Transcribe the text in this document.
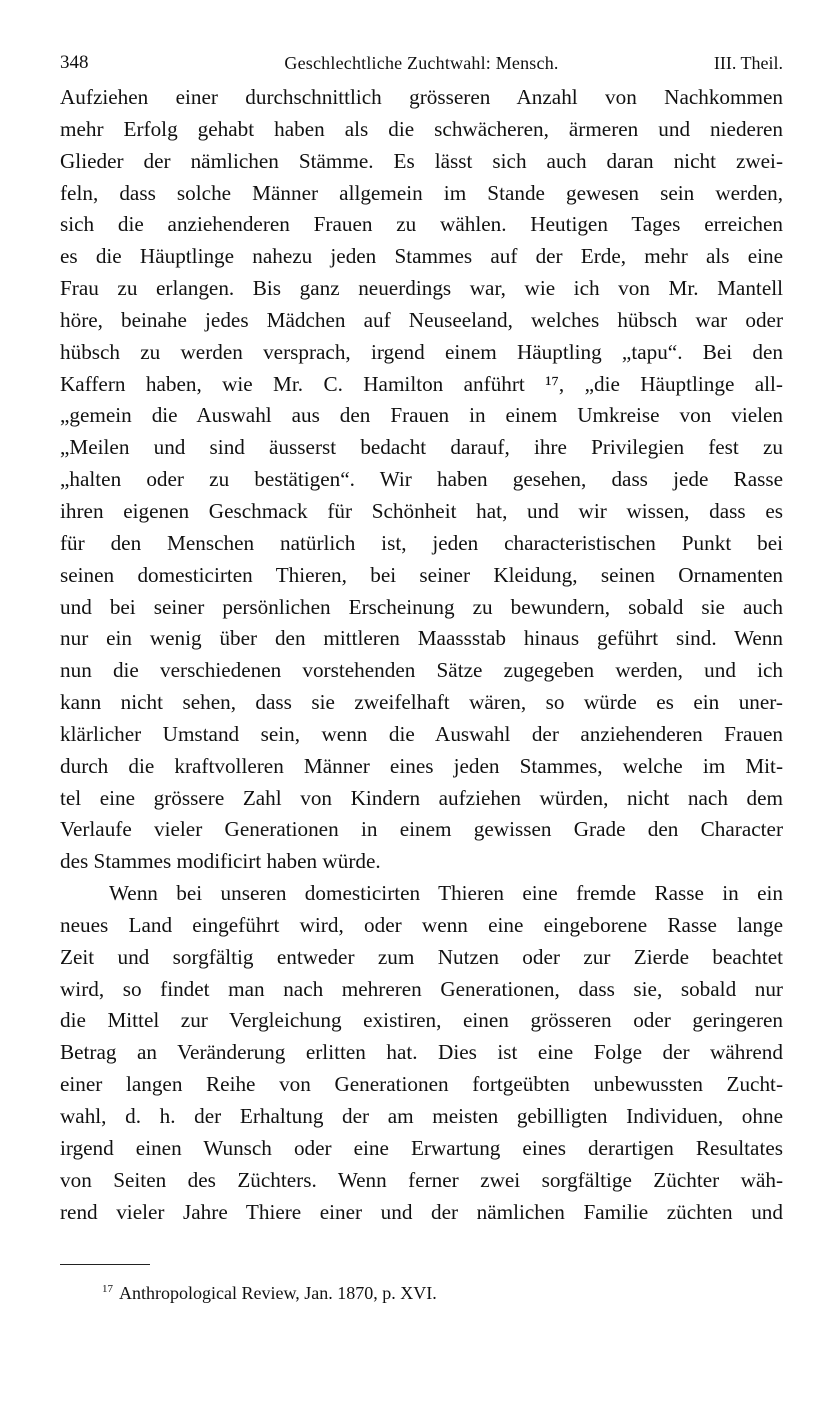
348	Geschlechtliche Zuchtwahl: Mensch.	III. Theil.
Aufziehen einer durchschnittlich grösseren Anzahl von Nachkommen
mehr Erfolg gehabt haben als die schwächeren, ärmeren und niederen
Glieder der nämlichen Stämme. Es lässt sich auch daran nicht zwei-
feln, dass solche Männer allgemein im Stande gewesen sein werden,
sich die anziehenderen Frauen zu wählen. Heutigen Tages erreichen
es die Häuptlinge nahezu jeden Stammes auf der Erde, mehr als eine
Frau zu erlangen. Bis ganz neuerdings war, wie ich von Mr. Mantell
höre, beinahe jedes Mädchen auf Neuseeland, welches hübsch war oder
hübsch zu werden versprach, irgend einem Häuptling „tapu“. Bei den
Kaffern haben, wie Mr. C. Hamilton anführt ¹⁷, „die Häuptlinge all-
„gemein die Auswahl aus den Frauen in einem Umkreise von vielen
„Meilen und sind äusserst bedacht darauf, ihre Privilegien fest zu
„halten oder zu bestätigen“. Wir haben gesehen, dass jede Rasse
ihren eigenen Geschmack für Schönheit hat, und wir wissen, dass es
für den Menschen natürlich ist, jeden characteristischen Punkt bei
seinen domesticirten Thieren, bei seiner Kleidung, seinen Ornamenten
und bei seiner persönlichen Erscheinung zu bewundern, sobald sie auch
nur ein wenig über den mittleren Maassstab hinaus geführt sind. Wenn
nun die verschiedenen vorstehenden Sätze zugegeben werden, und ich
kann nicht sehen, dass sie zweifelhaft wären, so würde es ein uner-
klärlicher Umstand sein, wenn die Auswahl der anziehenderen Frauen
durch die kraftvolleren Männer eines jeden Stammes, welche im Mit-
tel eine grössere Zahl von Kindern aufziehen würden, nicht nach dem
Verlaufe vieler Generationen in einem gewissen Grade den Character
des Stammes modificirt haben würde.
Wenn bei unseren domesticirten Thieren eine fremde Rasse in ein
neues Land eingeführt wird, oder wenn eine eingeborene Rasse lange
Zeit und sorgfältig entweder zum Nutzen oder zur Zierde beachtet
wird, so findet man nach mehreren Generationen, dass sie, sobald nur
die Mittel zur Vergleichung existiren, einen grösseren oder geringeren
Betrag an Veränderung erlitten hat. Dies ist eine Folge der während
einer langen Reihe von Generationen fortgeübten unbewussten Zucht-
wahl, d. h. der Erhaltung der am meisten gebilligten Individuen, ohne
irgend einen Wunsch oder eine Erwartung eines derartigen Resultates
von Seiten des Züchters. Wenn ferner zwei sorgfältige Züchter wäh-
rend vieler Jahre Thiere einer und der nämlichen Familie züchten und
$^{17}$ Anthropological Review, Jan. 1870, p. XVI.
